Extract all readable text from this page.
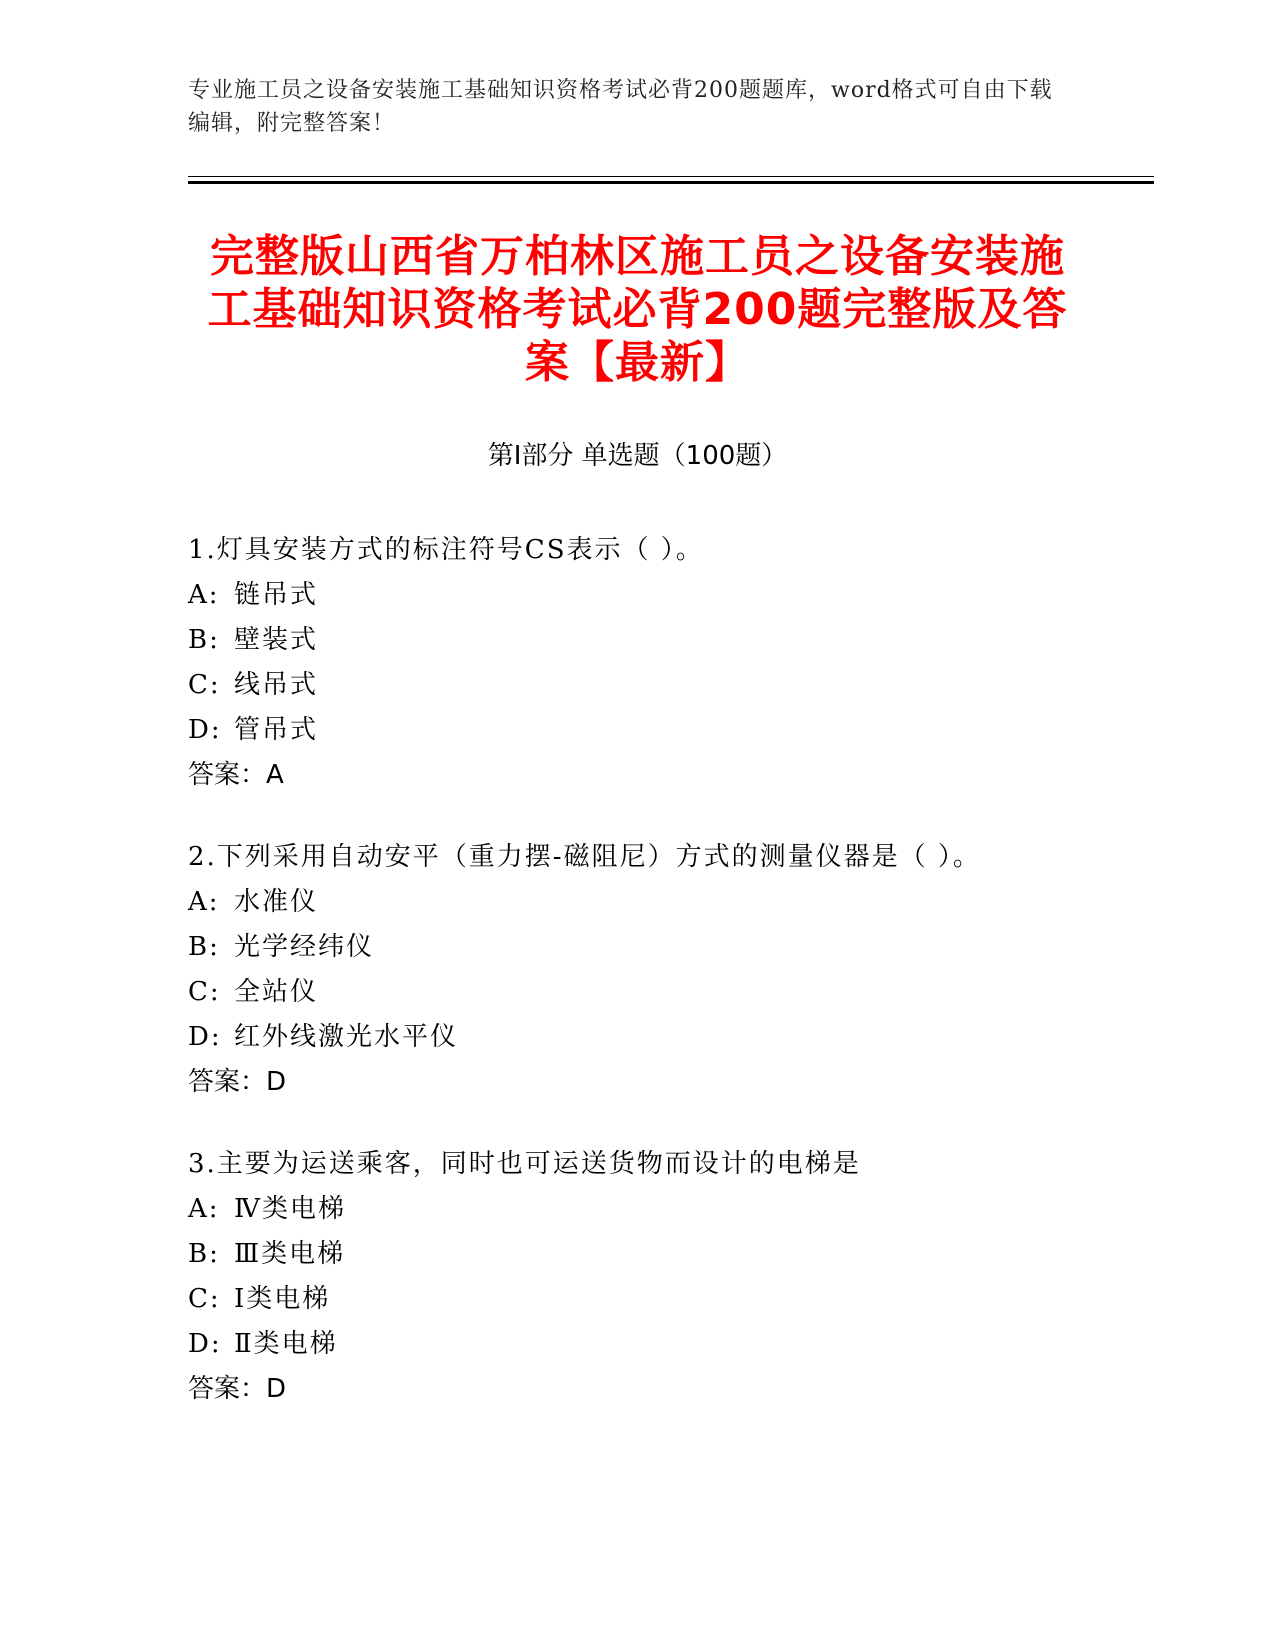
专业施工员之设备安装施工基础知识资格考试必背200题题库，word格式可自由下载编辑，附完整答案！
完整版山西省万柏林区施工员之设备安装施工基础知识资格考试必背200题完整版及答案【最新】
第Ⅰ部分 单选题（100题）
1.灯具安装方式的标注符号CS表示（ ）。
A: 链吊式
B: 壁装式
C: 线吊式
D: 管吊式
答案：A
2.下列采用自动安平（重力摆-磁阻尼）方式的测量仪器是（ ）。
A: 水准仪
B: 光学经纬仪
C: 全站仪
D: 红外线激光水平仪
答案：D
3.主要为运送乘客，同时也可运送货物而设计的电梯是
A: Ⅳ类电梯
B: Ⅲ类电梯
C: Ⅰ类电梯
D: Ⅱ类电梯
答案：D
